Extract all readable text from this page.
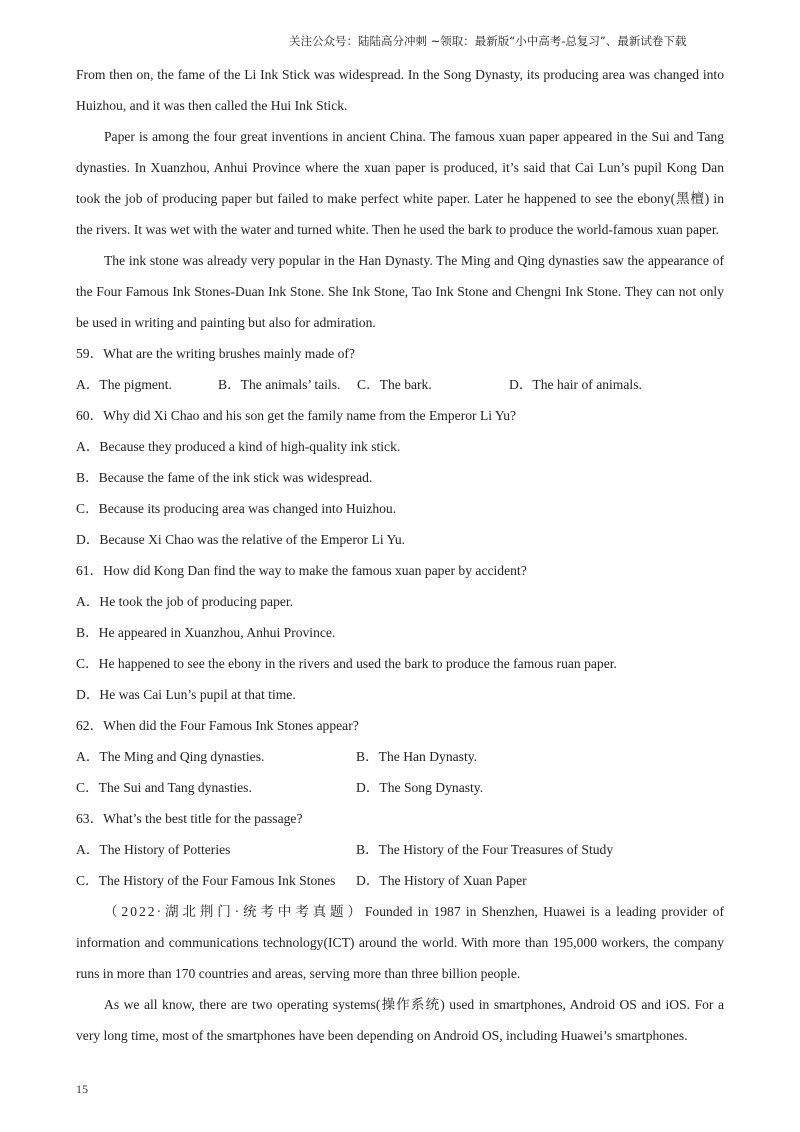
关注公众号：陆陆高分冲刺 ~领取：最新版“小中高考-总复习”、最新试卷下载

From then on, the fame of the Li Ink Stick was widespread. In the Song Dynasty, its producing area was changed into Huizhou, and it was then called the Hui Ink Stick.

Paper is among the four great inventions in ancient China. The famous xuan paper appeared in the Sui and Tang dynasties. In Xuanzhou, Anhui Province where the xuan paper is produced, it’s said that Cai Lun’s pupil Kong Dan took the job of producing paper but failed to make perfect white paper. Later he happened to see the ebony(黑檀) in the rivers. It was wet with the water and turned white. Then he used the bark to produce the world-famous xuan paper.

The ink stone was already very popular in the Han Dynasty. The Ming and Qing dynasties saw the appearance of the Four Famous Ink Stones-Duan Ink Stone. She Ink Stone, Tao Ink Stone and Chengni Ink Stone. They can not only be used in writing and painting but also for admiration.

59．What are the writing brushes mainly made of?
A．The pigment.	B．The animals’ tails.	C．The bark.	D．The hair of animals.
60．Why did Xi Chao and his son get the family name from the Emperor Li Yu?
A．Because they produced a kind of high-quality ink stick.
B．Because the fame of the ink stick was widespread.
C．Because its producing area was changed into Huizhou.
D．Because Xi Chao was the relative of the Emperor Li Yu.
61．How did Kong Dan find the way to make the famous xuan paper by accident?
A．He took the job of producing paper.
B．He appeared in Xuanzhou, Anhui Province.
C．He happened to see the ebony in the rivers and used the bark to produce the famous ruan paper.
D．He was Cai Lun’s pupil at that time.
62．When did the Four Famous Ink Stones appear?
A．The Ming and Qing dynasties.	B．The Han Dynasty.
C．The Sui and Tang dynasties.	D．The Song Dynasty.
63．What’s the best title for the passage?
A．The History of Potteries	B．The History of the Four Treasures of Study
C．The History of the Four Famous Ink Stones	D．The History of Xuan Paper

（2022·湖北荆门·统考中考真题）Founded in 1987 in Shenzhen, Huawei is a leading provider of information and communications technology(ICT) around the world. With more than 195,000 workers, the company runs in more than 170 countries and areas, serving more than three billion people.

As we all know, there are two operating systems(操作系统) used in smartphones, Android OS and iOS. For a very long time, most of the smartphones have been depending on Android OS, including Huawei’s smartphones.

15
